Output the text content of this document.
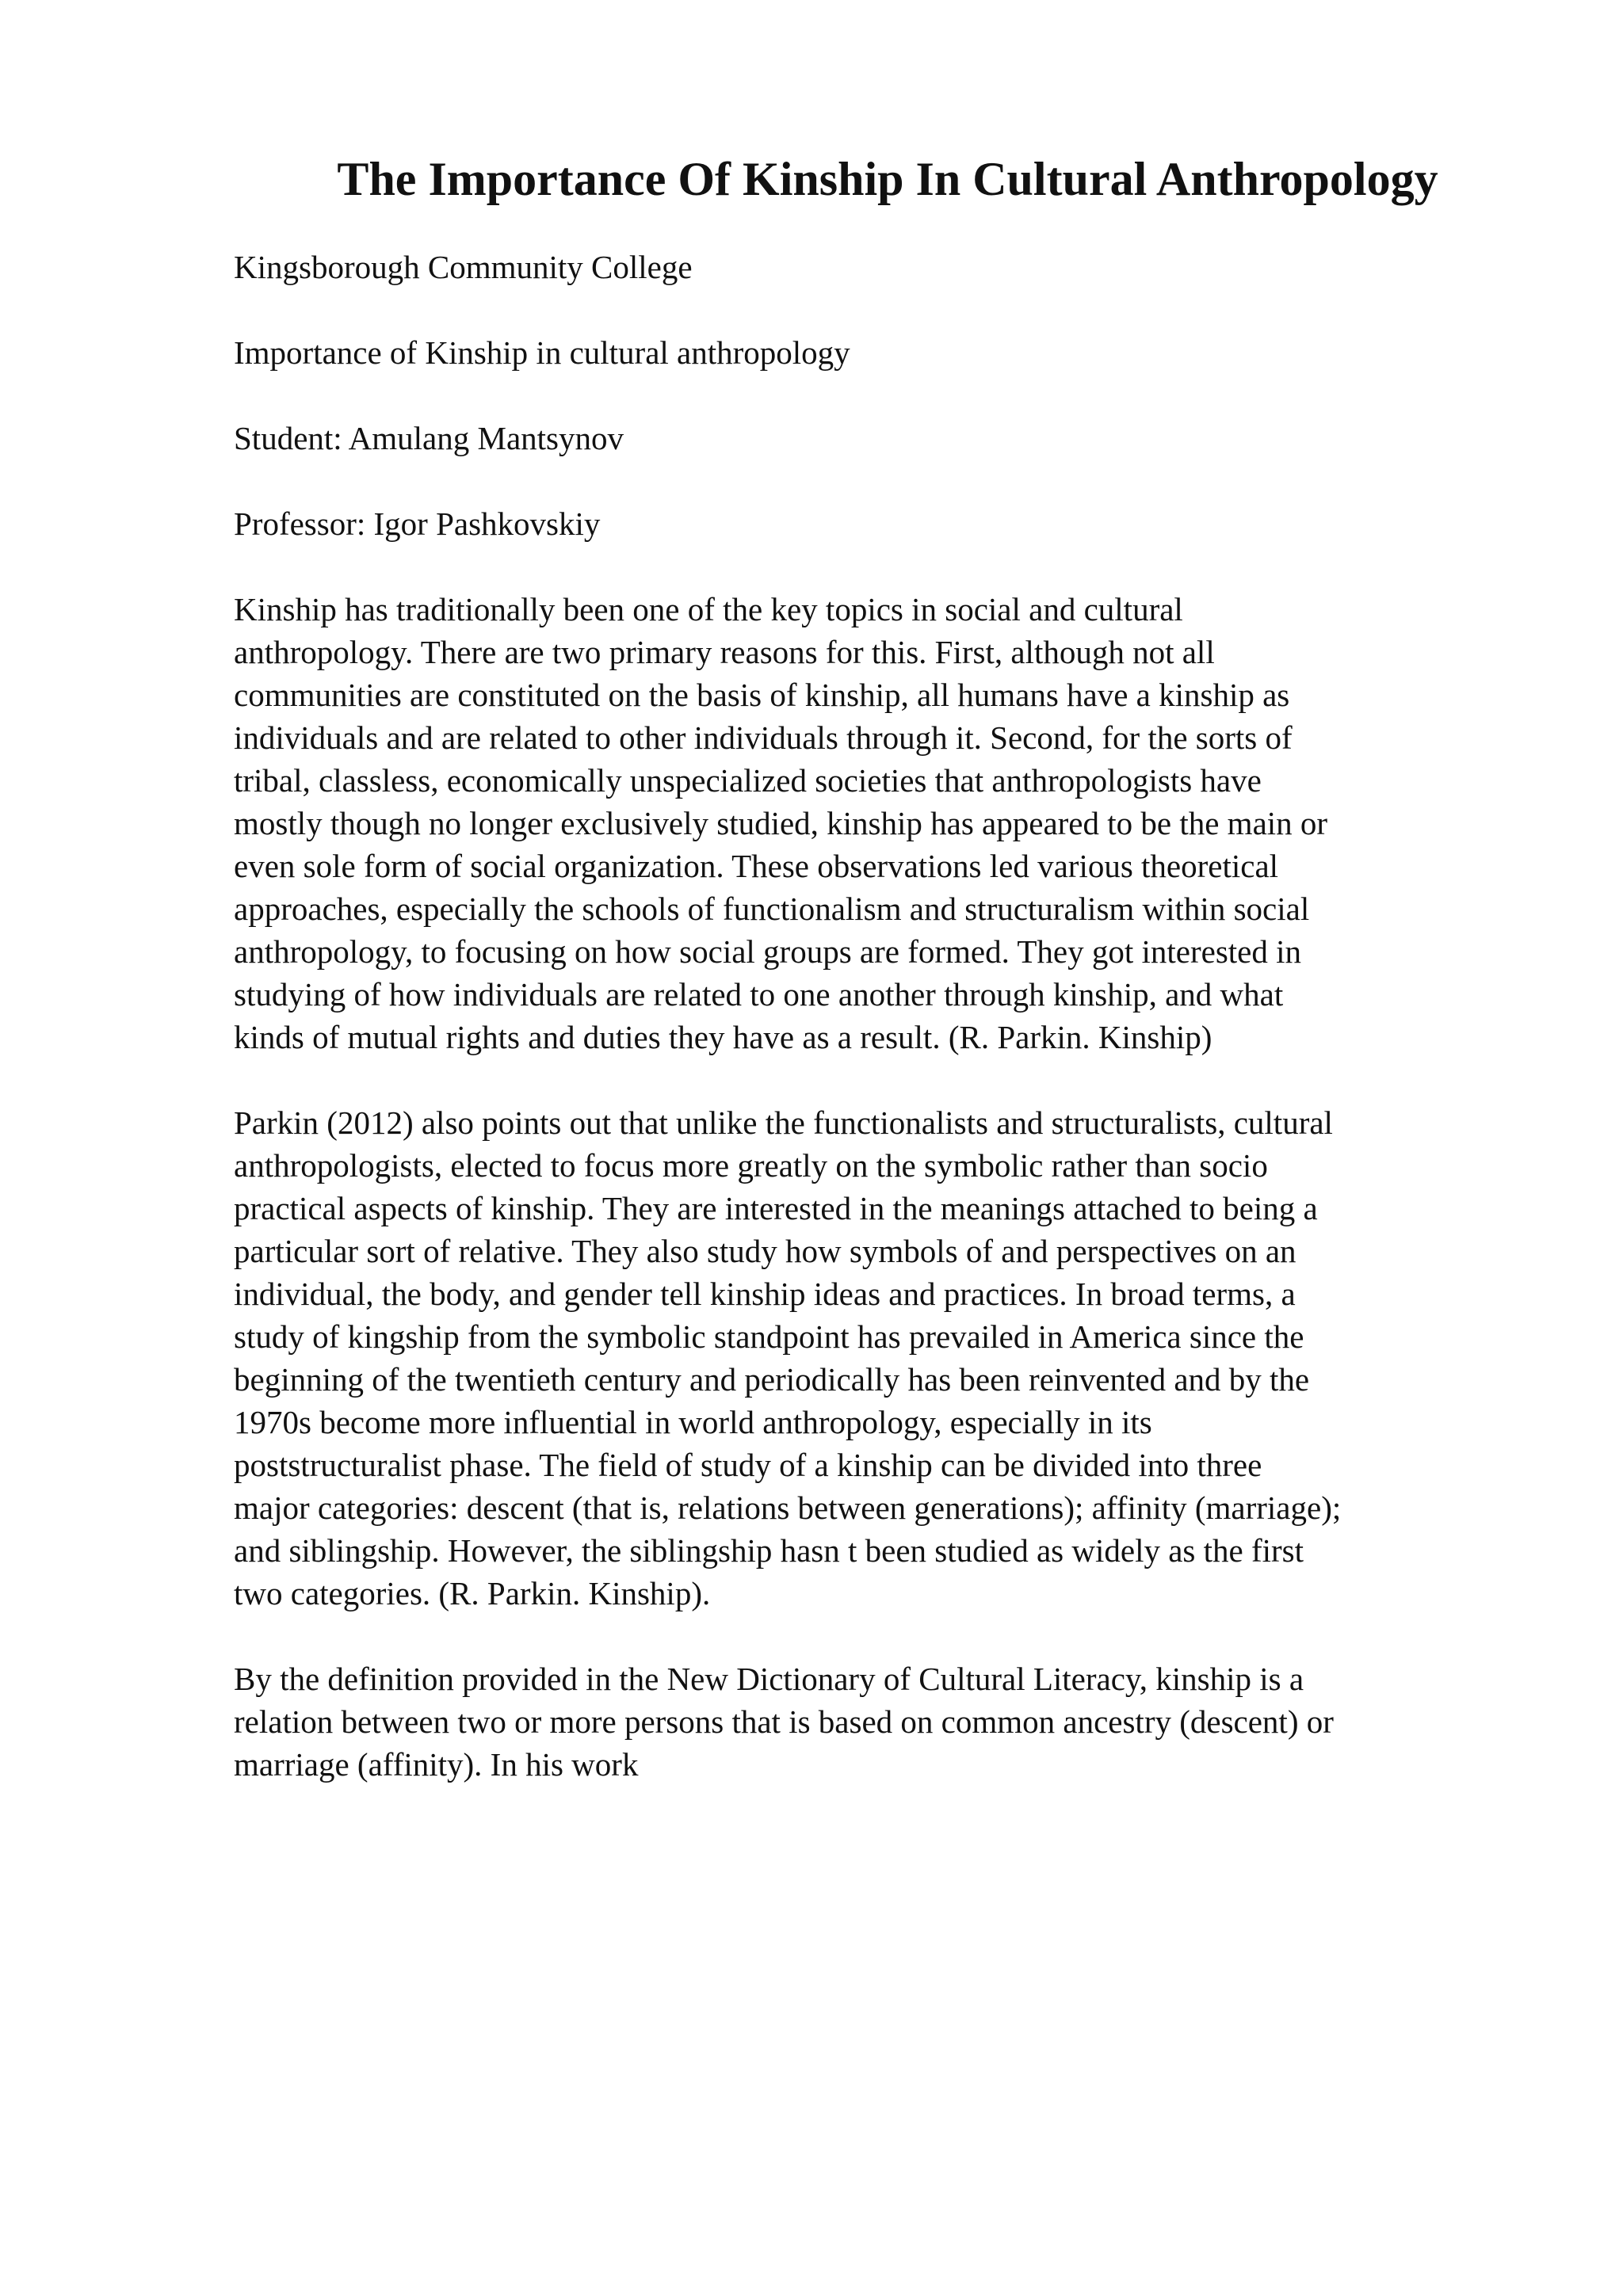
The Importance Of Kinship In Cultural Anthropology

Kingsborough Community College

Importance of Kinship in cultural anthropology

Student: Amulang Mantsynov

Professor: Igor Pashkovskiy

Kinship has traditionally been one of the key topics in social and cultural
anthropology. There are two primary reasons for this. First, although not all
communities are constituted on the basis of kinship, all humans have a kinship as
individuals and are related to other individuals through it. Second, for the sorts of
tribal, classless, economically unspecialized societies that anthropologists have
mostly though no longer exclusively studied, kinship has appeared to be the main or
even sole form of social organization. These observations led various theoretical
approaches, especially the schools of functionalism and structuralism within social
anthropology, to focusing on how social groups are formed. They got interested in
studying of how individuals are related to one another through kinship, and what
kinds of mutual rights and duties they have as a result. (R. Parkin. Kinship)

Parkin (2012) also points out that unlike the functionalists and structuralists, cultural
anthropologists, elected to focus more greatly on the symbolic rather than socio
practical aspects of kinship. They are interested in the meanings attached to being a
particular sort of relative. They also study how symbols of and perspectives on an
individual, the body, and gender tell kinship ideas and practices. In broad terms, a
study of kingship from the symbolic standpoint has prevailed in America since the
beginning of the twentieth century and periodically has been reinvented and by the
1970s become more influential in world anthropology, especially in its
poststructuralist phase. The field of study of a kinship can be divided into three
major categories: descent (that is, relations between generations); affinity (marriage);
and siblingship. However, the siblingship hasn t been studied as widely as the first
two categories. (R. Parkin. Kinship).

By the definition provided in the New Dictionary of Cultural Literacy, kinship is a
relation between two or more persons that is based on common ancestry (descent) or
marriage (affinity). In his work
